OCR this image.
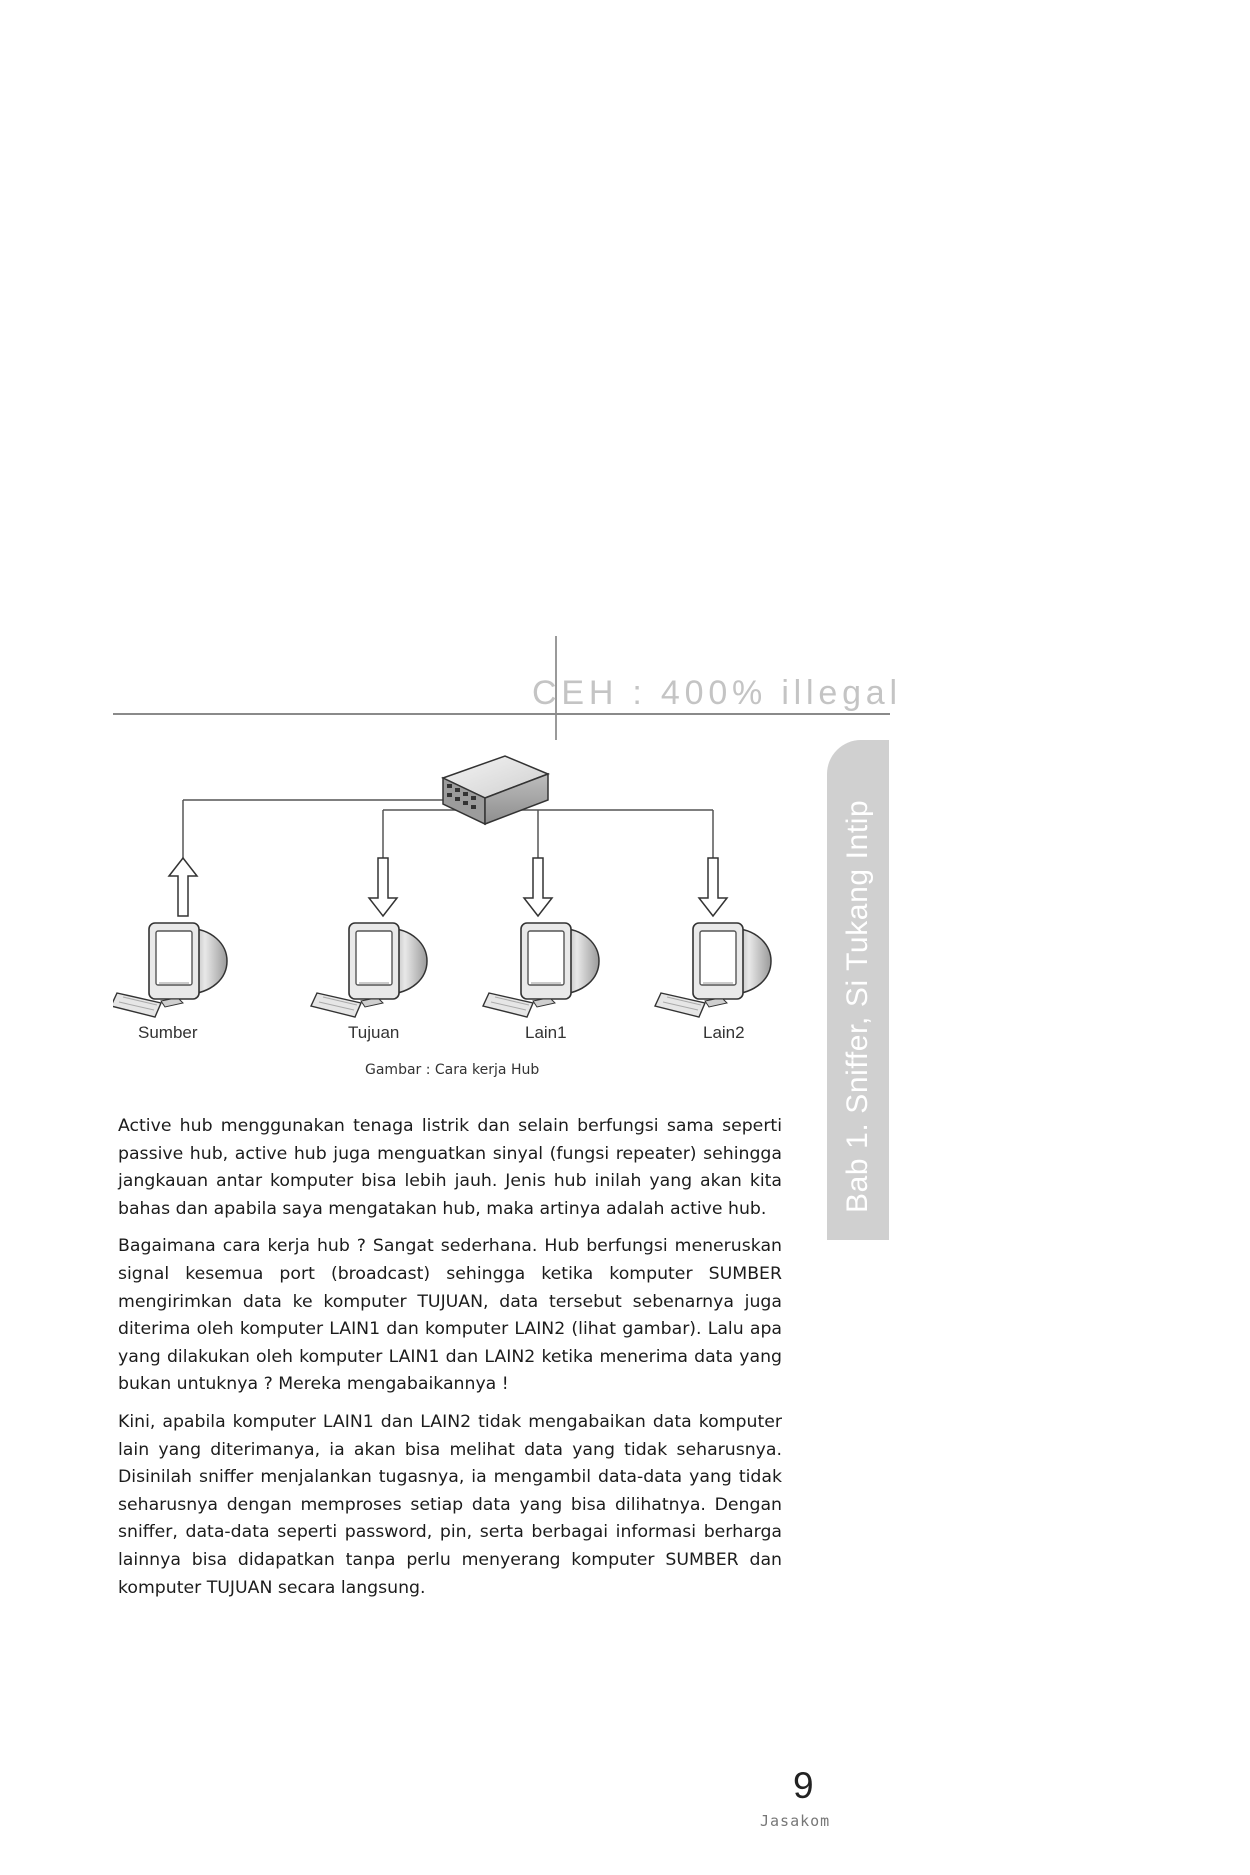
CEH : 400% illegal
Bab 1. Sniffer, Si Tukang Intip
Sumber	Tujuan	Lain1	Lain2
Gambar : Cara kerja Hub

Active hub menggunakan tenaga listrik dan selain berfungsi sama seperti passive hub, active hub juga menguatkan sinyal (fungsi repeater) sehingga jangkauan antar komputer bisa lebih jauh. Jenis hub inilah yang akan kita bahas dan apabila saya mengatakan hub, maka artinya adalah active hub.

Bagaimana cara kerja hub ? Sangat sederhana. Hub berfungsi meneruskan signal kesemua port (broadcast) sehingga ketika komputer SUMBER mengirimkan data ke komputer TUJUAN, data tersebut sebenarnya juga diterima oleh komputer LAIN1 dan komputer LAIN2 (lihat gambar). Lalu apa yang dilakukan oleh komputer LAIN1 dan LAIN2 ketika menerima data yang bukan untuknya ? Mereka mengabaikannya !

Kini, apabila komputer LAIN1 dan LAIN2 tidak mengabaikan data komputer lain yang diterimanya, ia akan bisa melihat data yang tidak seharusnya. Disinilah sniffer menjalankan tugasnya, ia mengambil data-data yang tidak seharusnya dengan memproses setiap data yang bisa dilihatnya. Dengan sniffer, data-data seperti password, pin, serta berbagai informasi berharga lainnya bisa didapatkan tanpa perlu menyerang komputer SUMBER dan komputer TUJUAN secara langsung.

9
Jasakom
